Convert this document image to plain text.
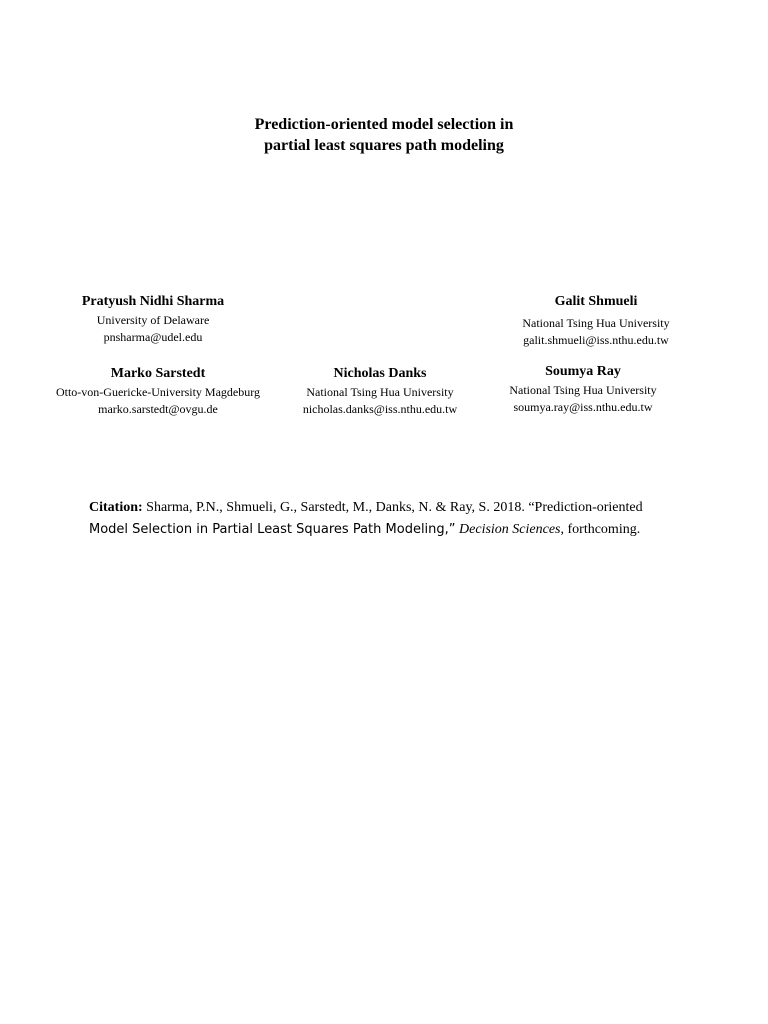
Prediction-oriented model selection in
partial least squares path modeling
Pratyush Nidhi Sharma
University of Delaware
pnsharma@udel.edu
Galit Shmueli
National Tsing Hua University
galit.shmueli@iss.nthu.edu.tw
Marko Sarstedt
Otto-von-Guericke-University Magdeburg
marko.sarstedt@ovgu.de
Nicholas Danks
National Tsing Hua University
nicholas.danks@iss.nthu.edu.tw
Soumya Ray
National Tsing Hua University
soumya.ray@iss.nthu.edu.tw
Citation: Sharma, P.N., Shmueli, G., Sarstedt, M., Danks, N. & Ray, S. 2018. “Prediction-oriented
Model Selection in Partial Least Squares Path Modeling,” Decision Sciences, forthcoming.
